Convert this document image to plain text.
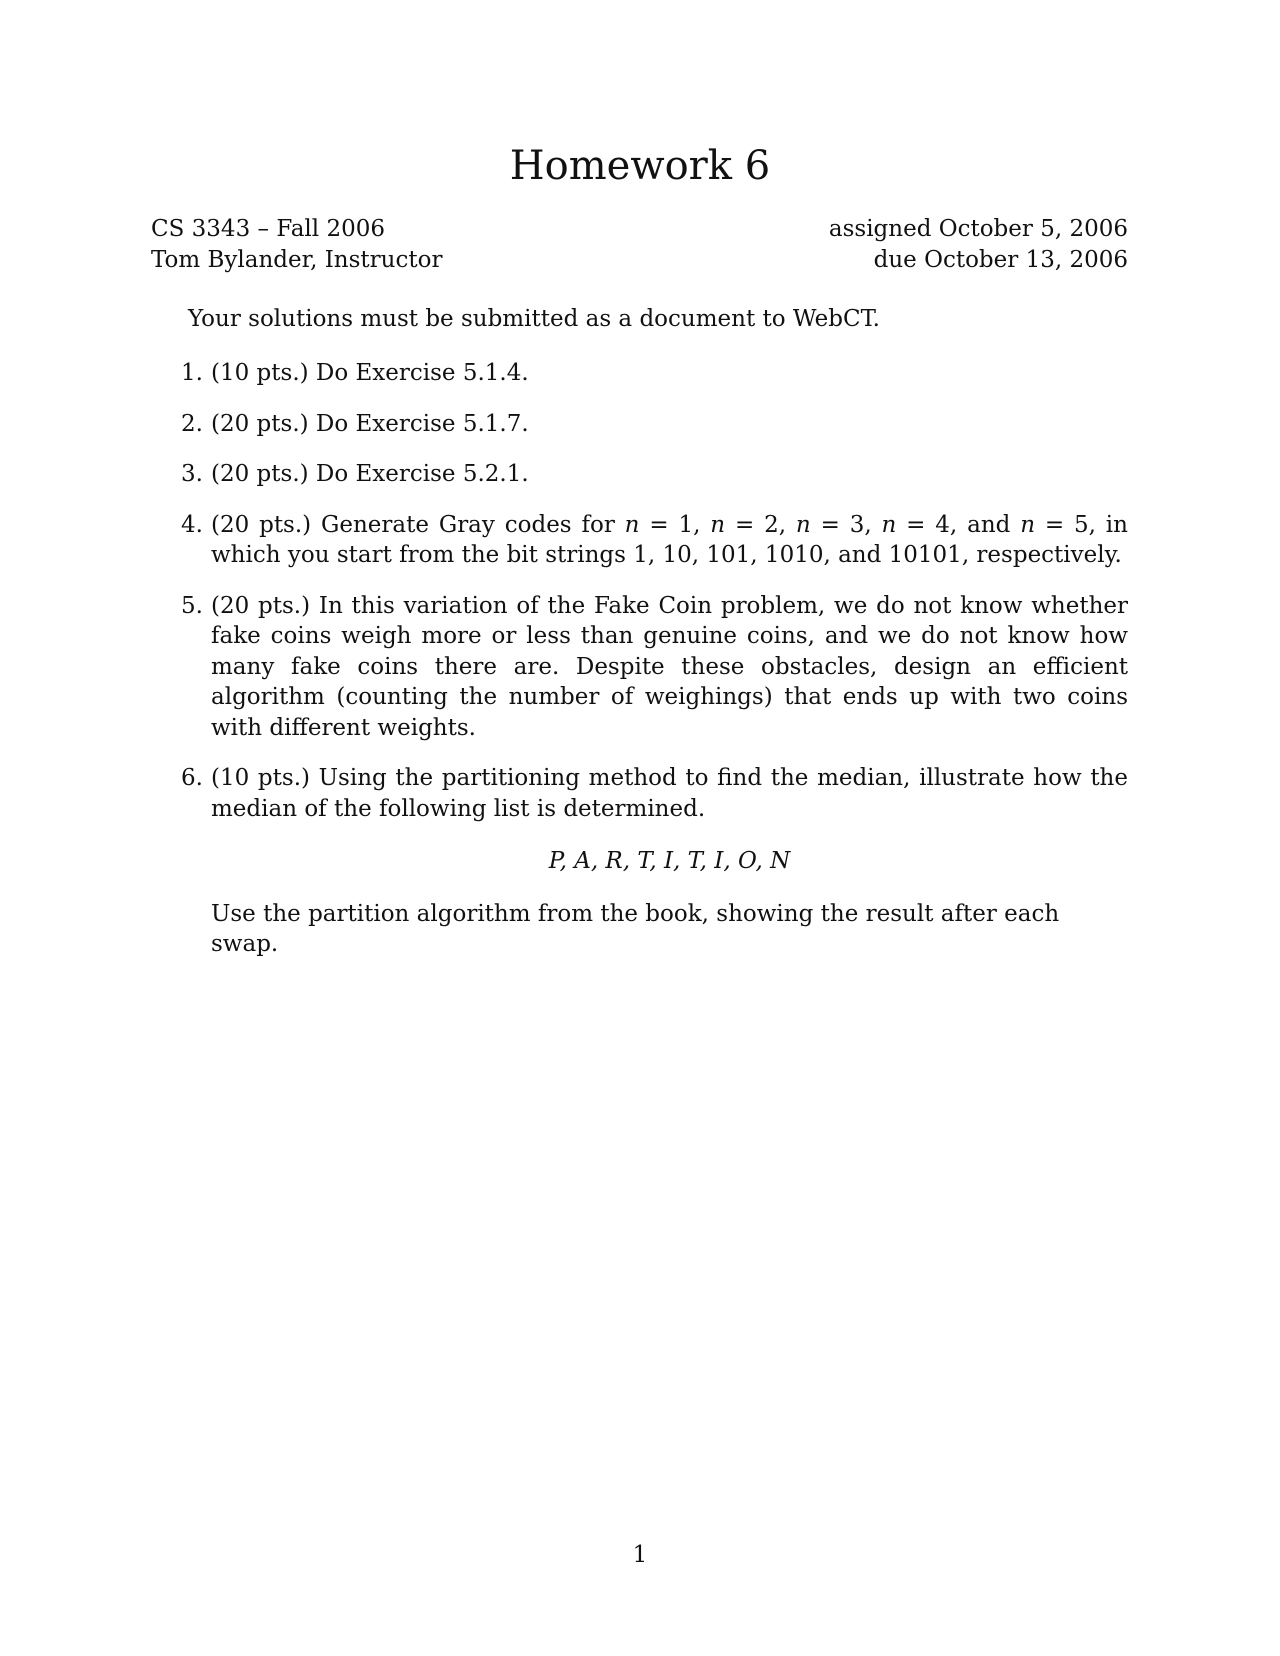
Homework 6
CS 3343 – Fall 2006
Tom Bylander, Instructor
assigned October 5, 2006
due October 13, 2006
Your solutions must be submitted as a document to WebCT.
1. (10 pts.) Do Exercise 5.1.4.
2. (20 pts.) Do Exercise 5.1.7.
3. (20 pts.) Do Exercise 5.2.1.
4. (20 pts.) Generate Gray codes for n = 1, n = 2, n = 3, n = 4, and n = 5, in which you start from the bit strings 1, 10, 101, 1010, and 10101, respectively.
5. (20 pts.) In this variation of the Fake Coin problem, we do not know whether fake coins weigh more or less than genuine coins, and we do not know how many fake coins there are. Despite these obstacles, design an efficient algorithm (counting the number of weighings) that ends up with two coins with different weights.
6. (10 pts.) Using the partitioning method to find the median, illustrate how the median of the following list is determined.
P, A, R, T, I, T, I, O, N
Use the partition algorithm from the book, showing the result after each swap.
1
